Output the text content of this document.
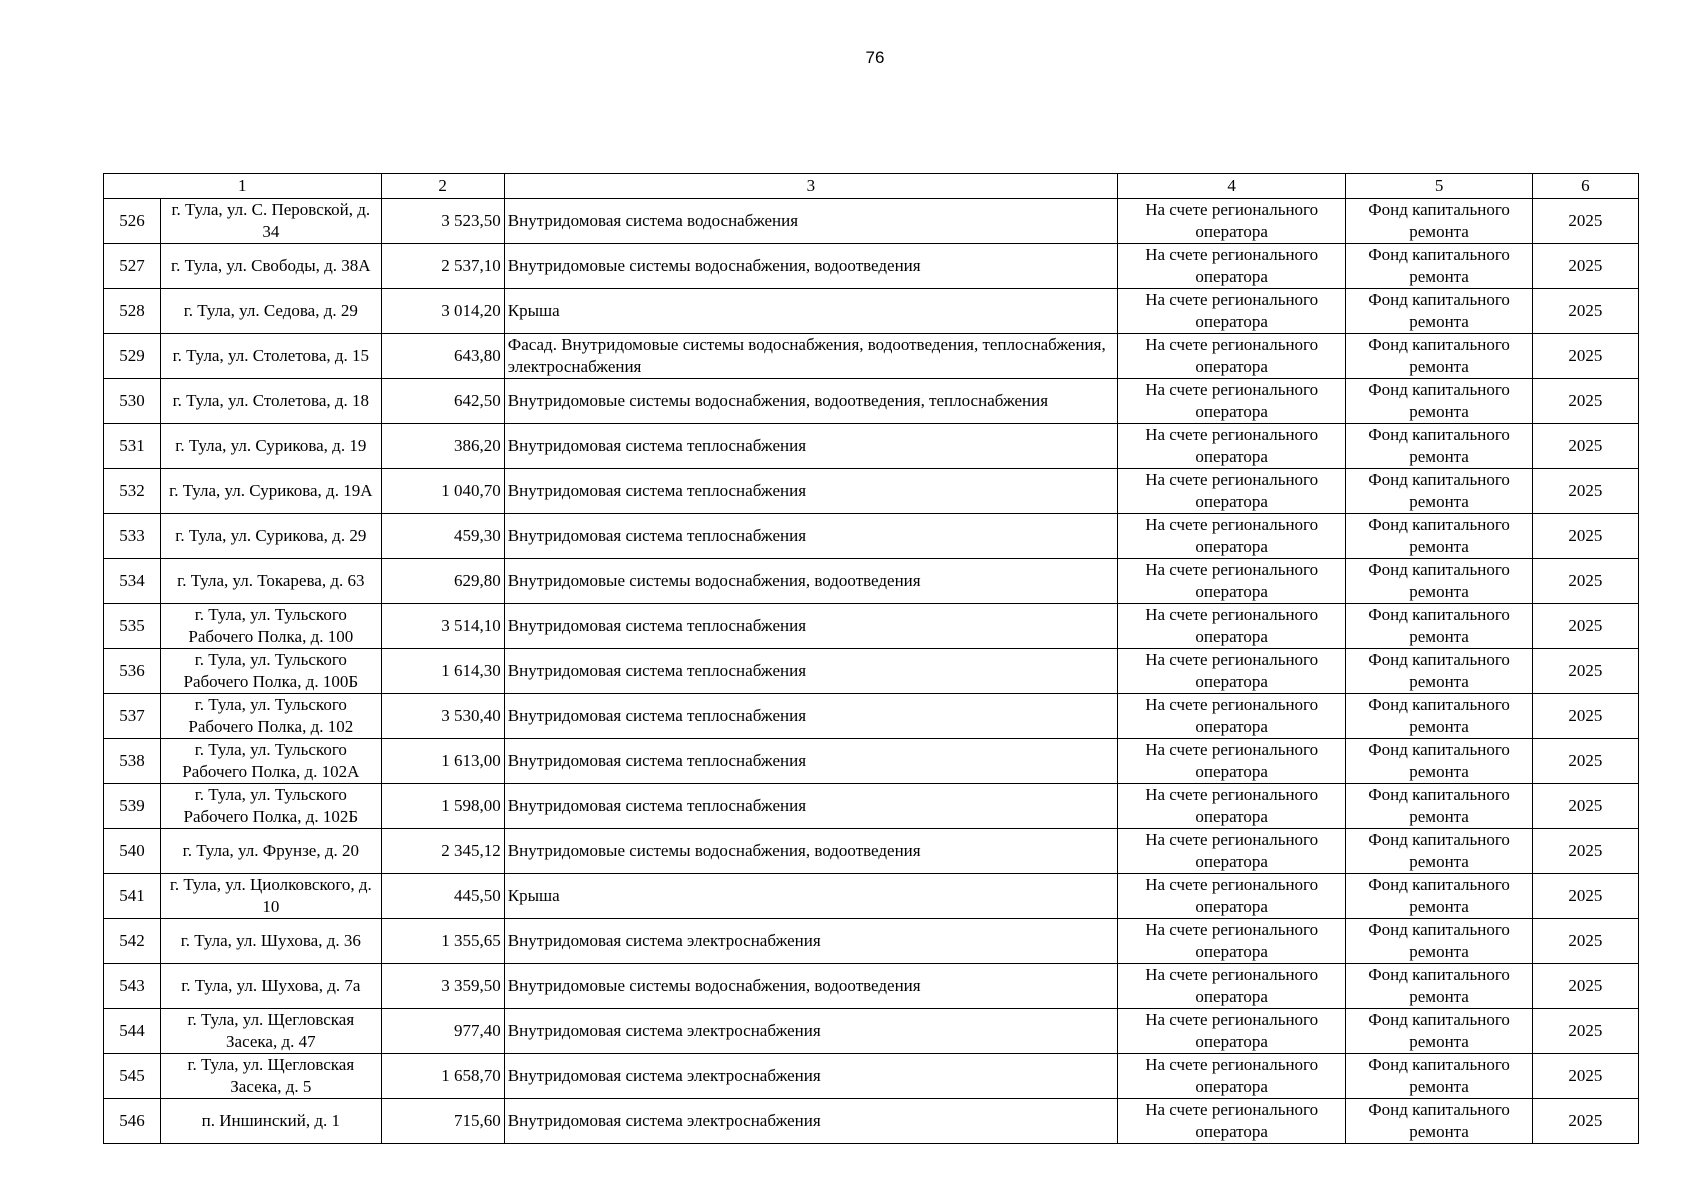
76
1		2	3	4	5	6
526	г. Тула, ул. С. Перовской, д. 34	3 523,50	Внутридомовая система водоснабжения	На счете регионального оператора	Фонд капитального ремонта	2025
527	г. Тула, ул. Свободы, д. 38А	2 537,10	Внутридомовые системы водоснабжения, водоотведения	На счете регионального оператора	Фонд капитального ремонта	2025
528	г. Тула, ул. Седова, д. 29	3 014,20	Крыша	На счете регионального оператора	Фонд капитального ремонта	2025
529	г. Тула, ул. Столетова, д. 15	643,80	Фасад. Внутридомовые системы водоснабжения, водоотведения, теплоснабжения, электроснабжения	На счете регионального оператора	Фонд капитального ремонта	2025
530	г. Тула, ул. Столетова, д. 18	642,50	Внутридомовые системы водоснабжения, водоотведения, теплоснабжения	На счете регионального оператора	Фонд капитального ремонта	2025
531	г. Тула, ул. Сурикова, д. 19	386,20	Внутридомовая система теплоснабжения	На счете регионального оператора	Фонд капитального ремонта	2025
532	г. Тула, ул. Сурикова, д. 19А	1 040,70	Внутридомовая система теплоснабжения	На счете регионального оператора	Фонд капитального ремонта	2025
533	г. Тула, ул. Сурикова, д. 29	459,30	Внутридомовая система теплоснабжения	На счете регионального оператора	Фонд капитального ремонта	2025
534	г. Тула, ул. Токарева, д. 63	629,80	Внутридомовые системы водоснабжения, водоотведения	На счете регионального оператора	Фонд капитального ремонта	2025
535	г. Тула, ул. Тульского Рабочего Полка, д. 100	3 514,10	Внутридомовая система теплоснабжения	На счете регионального оператора	Фонд капитального ремонта	2025
536	г. Тула, ул. Тульского Рабочего Полка, д. 100Б	1 614,30	Внутридомовая система теплоснабжения	На счете регионального оператора	Фонд капитального ремонта	2025
537	г. Тула, ул. Тульского Рабочего Полка, д. 102	3 530,40	Внутридомовая система теплоснабжения	На счете регионального оператора	Фонд капитального ремонта	2025
538	г. Тула, ул. Тульского Рабочего Полка, д. 102А	1 613,00	Внутридомовая система теплоснабжения	На счете регионального оператора	Фонд капитального ремонта	2025
539	г. Тула, ул. Тульского Рабочего Полка, д. 102Б	1 598,00	Внутридомовая система теплоснабжения	На счете регионального оператора	Фонд капитального ремонта	2025
540	г. Тула, ул. Фрунзе, д. 20	2 345,12	Внутридомовые системы водоснабжения, водоотведения	На счете регионального оператора	Фонд капитального ремонта	2025
541	г. Тула, ул. Циолковского, д. 10	445,50	Крыша	На счете регионального оператора	Фонд капитального ремонта	2025
542	г. Тула, ул. Шухова, д. 36	1 355,65	Внутридомовая система электроснабжения	На счете регионального оператора	Фонд капитального ремонта	2025
543	г. Тула, ул. Шухова, д. 7а	3 359,50	Внутридомовые системы водоснабжения, водоотведения	На счете регионального оператора	Фонд капитального ремонта	2025
544	г. Тула, ул. Щегловская Засека, д. 47	977,40	Внутридомовая система электроснабжения	На счете регионального оператора	Фонд капитального ремонта	2025
545	г. Тула, ул. Щегловская Засека, д. 5	1 658,70	Внутридомовая система электроснабжения	На счете регионального оператора	Фонд капитального ремонта	2025
546	п. Иншинский, д. 1	715,60	Внутридомовая система электроснабжения	На счете регионального оператора	Фонд капитального ремонта	2025
